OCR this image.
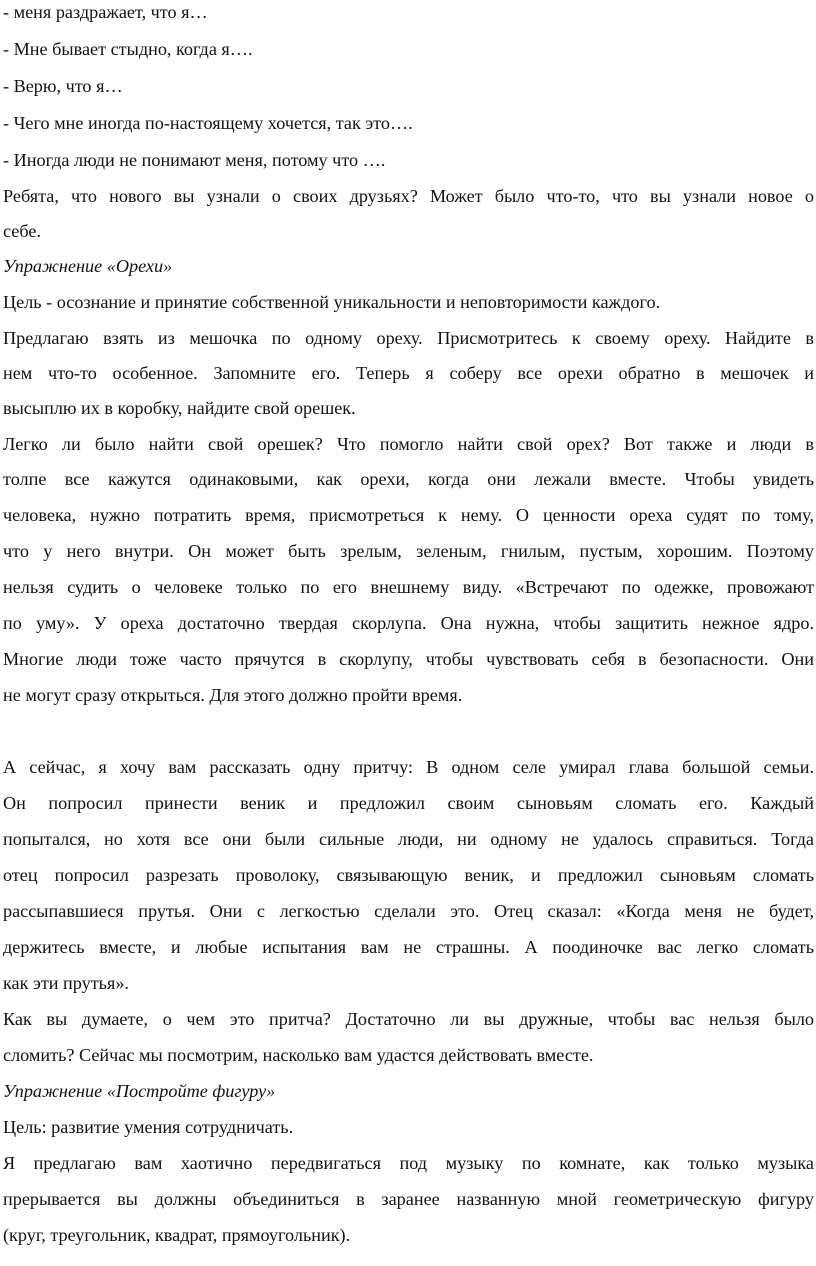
- меня раздражает, что я…
- Мне бывает стыдно, когда я….
- Верю, что я…
- Чего мне иногда по-настоящему хочется, так это….
- Иногда люди не понимают меня, потому что ….
Ребята, что нового вы узнали о своих друзьях? Может было что-то, что вы узнали новое о
себе.
Упражнение «Орехи»
Цель - осознание и принятие собственной уникальности и неповторимости каждого.
Предлагаю взять из мешочка по одному ореху. Присмотритесь к своему ореху. Найдите в
нем что-то особенное. Запомните его. Теперь я соберу все орехи обратно в мешочек и
высыплю их в коробку, найдите свой орешек.
Легко ли было найти свой орешек? Что помогло найти свой орех? Вот также и люди в
толпе все кажутся одинаковыми, как орехи, когда они лежали вместе. Чтобы увидеть
человека, нужно потратить время, присмотреться к нему. О ценности ореха судят по тому,
что у него внутри. Он может быть зрелым, зеленым, гнилым, пустым, хорошим. Поэтому
нельзя судить о человеке только по его внешнему виду. «Встречают по одежке, провожают
по уму». У ореха достаточно твердая скорлупа. Она нужна, чтобы защитить нежное ядро.
Многие люди тоже часто прячутся в скорлупу, чтобы чувствовать себя в безопасности. Они
не могут сразу открыться. Для этого должно пройти время.
А сейчас, я хочу вам рассказать одну притчу: В одном селе умирал глава большой семьи.
Он попросил принести веник и предложил своим сыновьям сломать его. Каждый
попытался, но хотя все они были сильные люди, ни одному не удалось справиться. Тогда
отец попросил разрезать проволоку, связывающую веник, и предложил сыновьям сломать
рассыпавшиеся прутья. Они с легкостью сделали это. Отец сказал: «Когда меня не будет,
держитесь вместе, и любые испытания вам не страшны. А поодиночке вас легко сломать
как эти прутья».
Как вы думаете, о чем это притча? Достаточно ли вы дружные, чтобы вас нельзя было
сломить? Сейчас мы посмотрим, насколько вам удастся действовать вместе.
Упражнение «Постройте фигуру»
Цель: развитие умения сотрудничать.
Я предлагаю вам хаотично передвигаться под музыку по комнате, как только музыка
прерывается вы должны объединиться в заранее названную мной геометрическую фигуру
(круг, треугольник, квадрат, прямоугольник).
